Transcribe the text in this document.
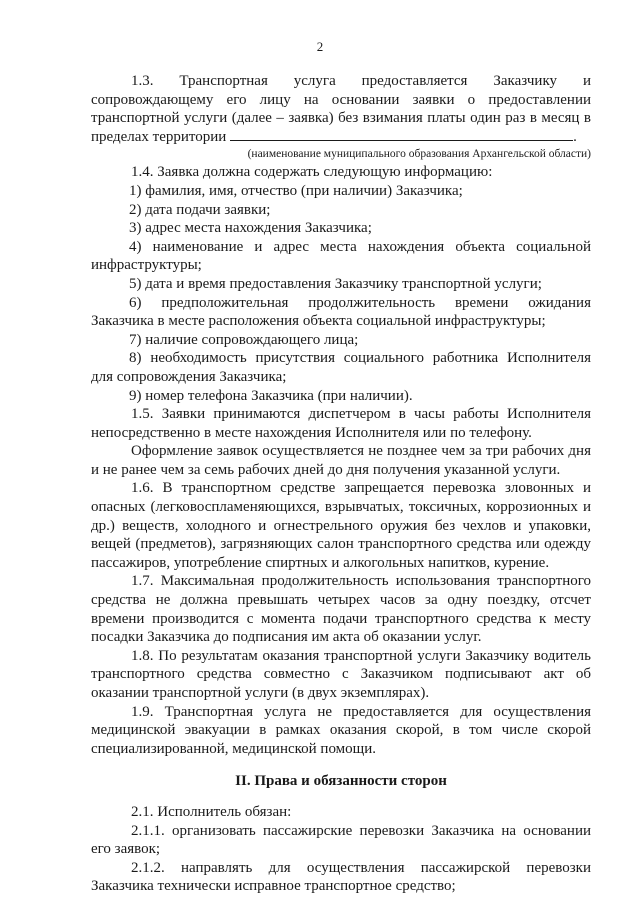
2

1.3. Транспортная услуга предоставляется Заказчику и сопровождающему его лицу на основании заявки о предоставлении транспортной услуги (далее – заявка) без взимания платы один раз в месяц в пределах территории	.

(наименование муниципального образования Архангельской области)

1.4. Заявка должна содержать следующую информацию:

1) фамилия, имя, отчество (при наличии) Заказчика;

2) дата подачи заявки;

3) адрес места нахождения Заказчика;

4) наименование и адрес места нахождения объекта социальной инфраструктуры;

5) дата и время предоставления Заказчику транспортной услуги;

6) предположительная продолжительность времени ожидания Заказчика в месте расположения объекта социальной инфраструктуры;

7) наличие сопровождающего лица;

8) необходимость присутствия социального работника Исполнителя для сопровождения Заказчика;

9) номер телефона Заказчика (при наличии).

1.5. Заявки принимаются диспетчером в часы работы Исполнителя непосредственно в месте нахождения Исполнителя или по телефону.

Оформление заявок осуществляется не позднее чем за три рабочих дня и не ранее чем за семь рабочих дней до дня получения указанной услуги.

1.6. В транспортном средстве запрещается перевозка зловонных и опасных (легковоспламеняющихся, взрывчатых, токсичных, коррозионных и др.) веществ, холодного и огнестрельного оружия без чехлов и упаковки, вещей (предметов), загрязняющих салон транспортного средства или одежду пассажиров, употребление спиртных и алкогольных напитков, курение.

1.7. Максимальная продолжительность использования транспортного средства не должна превышать четырех часов за одну поездку, отсчет времени производится с момента подачи транспортного средства к месту посадки Заказчика до подписания им акта об оказании услуг.

1.8. По результатам оказания транспортной услуги Заказчику водитель транспортного средства совместно с Заказчиком подписывают акт об оказании транспортной услуги (в двух экземплярах).

1.9. Транспортная услуга не предоставляется для осуществления медицинской эвакуации в рамках оказания скорой, в том числе скорой специализированной, медицинской помощи.

II. Права и обязанности сторон

2.1. Исполнитель обязан:

2.1.1. организовать пассажирские перевозки Заказчика на основании его заявок;

2.1.2. направлять для осуществления пассажирской перевозки Заказчика технически исправное транспортное средство;
